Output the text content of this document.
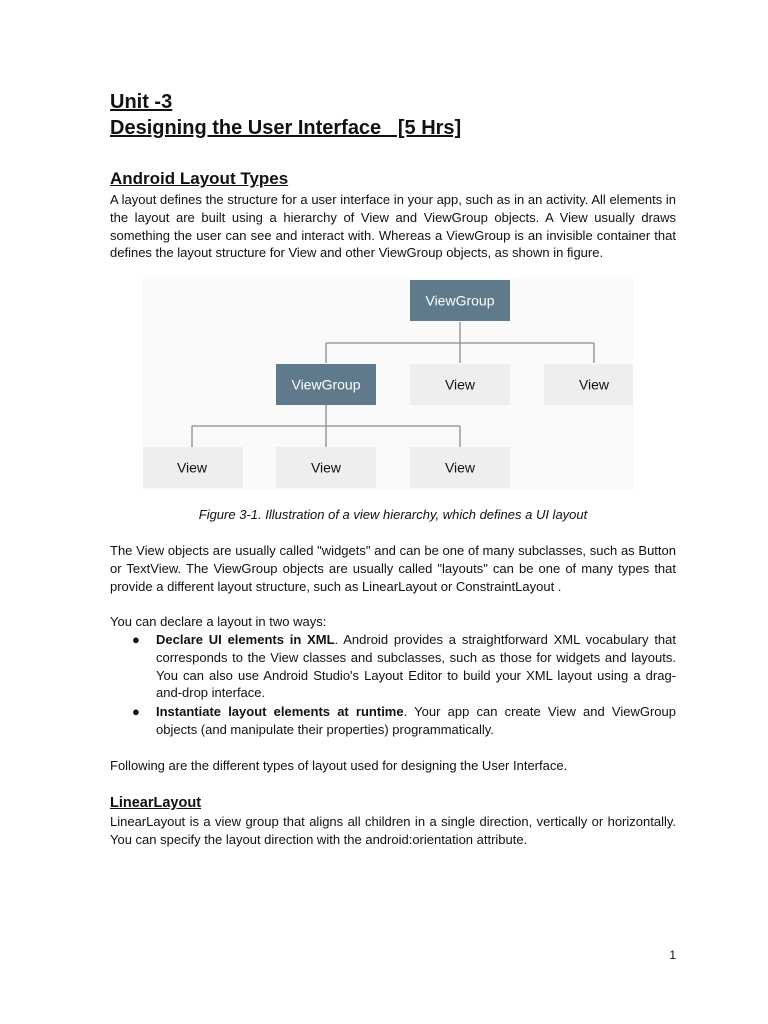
Unit -3
Designing the User Interface   [5 Hrs]
Android Layout Types
A layout defines the structure for a user interface in your app, such as in an activity. All elements in the layout are built using a hierarchy of View and ViewGroup objects. A View usually draws something the user can see and interact with. Whereas a ViewGroup is an invisible container that defines the layout structure for View and other ViewGroup objects, as shown in figure.
ViewGroup
ViewGroup	View	View
View	View	View
Figure 3-1. Illustration of a view hierarchy, which defines a UI layout
The View objects are usually called "widgets" and can be one of many subclasses, such as Button or TextView. The ViewGroup objects are usually called "layouts" can be one of many types that provide a different layout structure, such as LinearLayout or ConstraintLayout .
You can declare a layout in two ways:
● Declare UI elements in XML. Android provides a straightforward XML vocabulary that corresponds to the View classes and subclasses, such as those for widgets and layouts. You can also use Android Studio's Layout Editor to build your XML layout using a drag-and-drop interface.
● Instantiate layout elements at runtime. Your app can create View and ViewGroup objects (and manipulate their properties) programmatically.
Following are the different types of layout used for designing the User Interface.
LinearLayout
LinearLayout is a view group that aligns all children in a single direction, vertically or horizontally. You can specify the layout direction with the android:orientation attribute.
1
